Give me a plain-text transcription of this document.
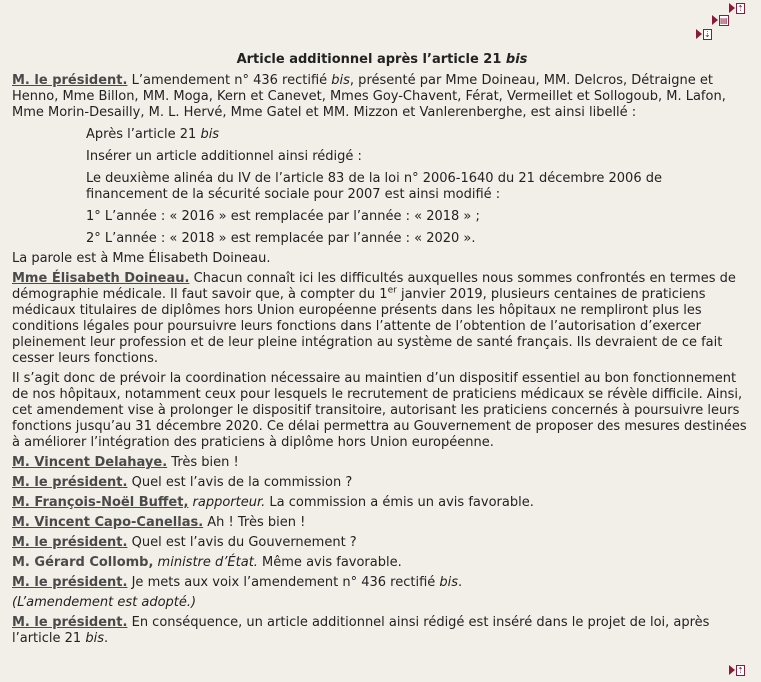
⇡
▤
⇣
Article additionnel après l’article 21 bis

M. le président. L’amendement n° 436 rectifié bis, présenté par Mme Doineau, MM. Delcros, Détraigne et Henno, Mme Billon, MM. Moga, Kern et Canevet, Mmes Goy-Chavent, Férat, Vermeillet et Sollogoub, M. Lafon, Mme Morin-Desailly, M. L. Hervé, Mme Gatel et MM. Mizzon et Vanlerenberghe, est ainsi libellé :

Après l’article 21 bis

Insérer un article additionnel ainsi rédigé :

Le deuxième alinéa du IV de l’article 83 de la loi n° 2006-1640 du 21 décembre 2006 de financement de la sécurité sociale pour 2007 est ainsi modifié :

1° L’année : « 2016 » est remplacée par l’année : « 2018 » ;

2° L’année : « 2018 » est remplacée par l’année : « 2020 ».

La parole est à Mme Élisabeth Doineau.

Mme Élisabeth Doineau. Chacun connaît ici les difficultés auxquelles nous sommes confrontés en termes de démographie médicale. Il faut savoir que, à compter du 1er janvier 2019, plusieurs centaines de praticiens médicaux titulaires de diplômes hors Union européenne présents dans les hôpitaux ne rempliront plus les conditions légales pour poursuivre leurs fonctions dans l’attente de l’obtention de l’autorisation d’exercer pleinement leur profession et de leur pleine intégration au système de santé français. Ils devraient de ce fait cesser leurs fonctions.

Il s’agit donc de prévoir la coordination nécessaire au maintien d’un dispositif essentiel au bon fonctionnement de nos hôpitaux, notamment ceux pour lesquels le recrutement de praticiens médicaux se révèle difficile. Ainsi, cet amendement vise à prolonger le dispositif transitoire, autorisant les praticiens concernés à poursuivre leurs fonctions jusqu’au 31 décembre 2020. Ce délai permettra au Gouvernement de proposer des mesures destinées à améliorer l’intégration des praticiens à diplôme hors Union européenne.

M. Vincent Delahaye. Très bien !

M. le président. Quel est l’avis de la commission ?

M. François-Noël Buffet, rapporteur. La commission a émis un avis favorable.

M. Vincent Capo-Canellas. Ah ! Très bien !

M. le président. Quel est l’avis du Gouvernement ?

M. Gérard Collomb, ministre d’État. Même avis favorable.

M. le président. Je mets aux voix l’amendement n° 436 rectifié bis.

(L’amendement est adopté.)

M. le président. En conséquence, un article additionnel ainsi rédigé est inséré dans le projet de loi, après l’article 21 bis.

⇡
